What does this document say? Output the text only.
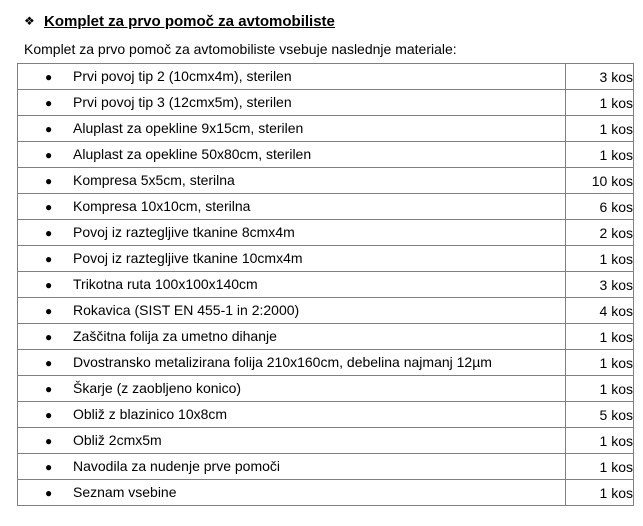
❖ Komplet za prvo pomoč za avtomobiliste
Komplet za prvo pomoč za avtomobiliste vsebuje naslednje materiale:
● Prvi povoj tip 2 (10cmx4m), sterilen	3 kos
● Prvi povoj tip 3 (12cmx5m), sterilen	1 kos
● Aluplast za opekline 9x15cm, sterilen	1 kos
● Aluplast za opekline 50x80cm, sterilen	1 kos
● Kompresa 5x5cm, sterilna	10 kos
● Kompresa 10x10cm, sterilna	6 kos
● Povoj iz raztegljive tkanine 8cmx4m	2 kos
● Povoj iz raztegljive tkanine 10cmx4m	1 kos
● Trikotna ruta 100x100x140cm	3 kos
● Rokavica (SIST EN 455-1 in 2:2000)	4 kos
● Zaščitna folija za umetno dihanje	1 kos
● Dvostransko metalizirana folija 210x160cm, debelina najmanj 12µm	1 kos
● Škarje (z zaobljeno konico)	1 kos
● Obliž z blazinico 10x8cm	5 kos
● Obliž 2cmx5m	1 kos
● Navodila za nudenje prve pomoči	1 kos
● Seznam vsebine	1 kos
